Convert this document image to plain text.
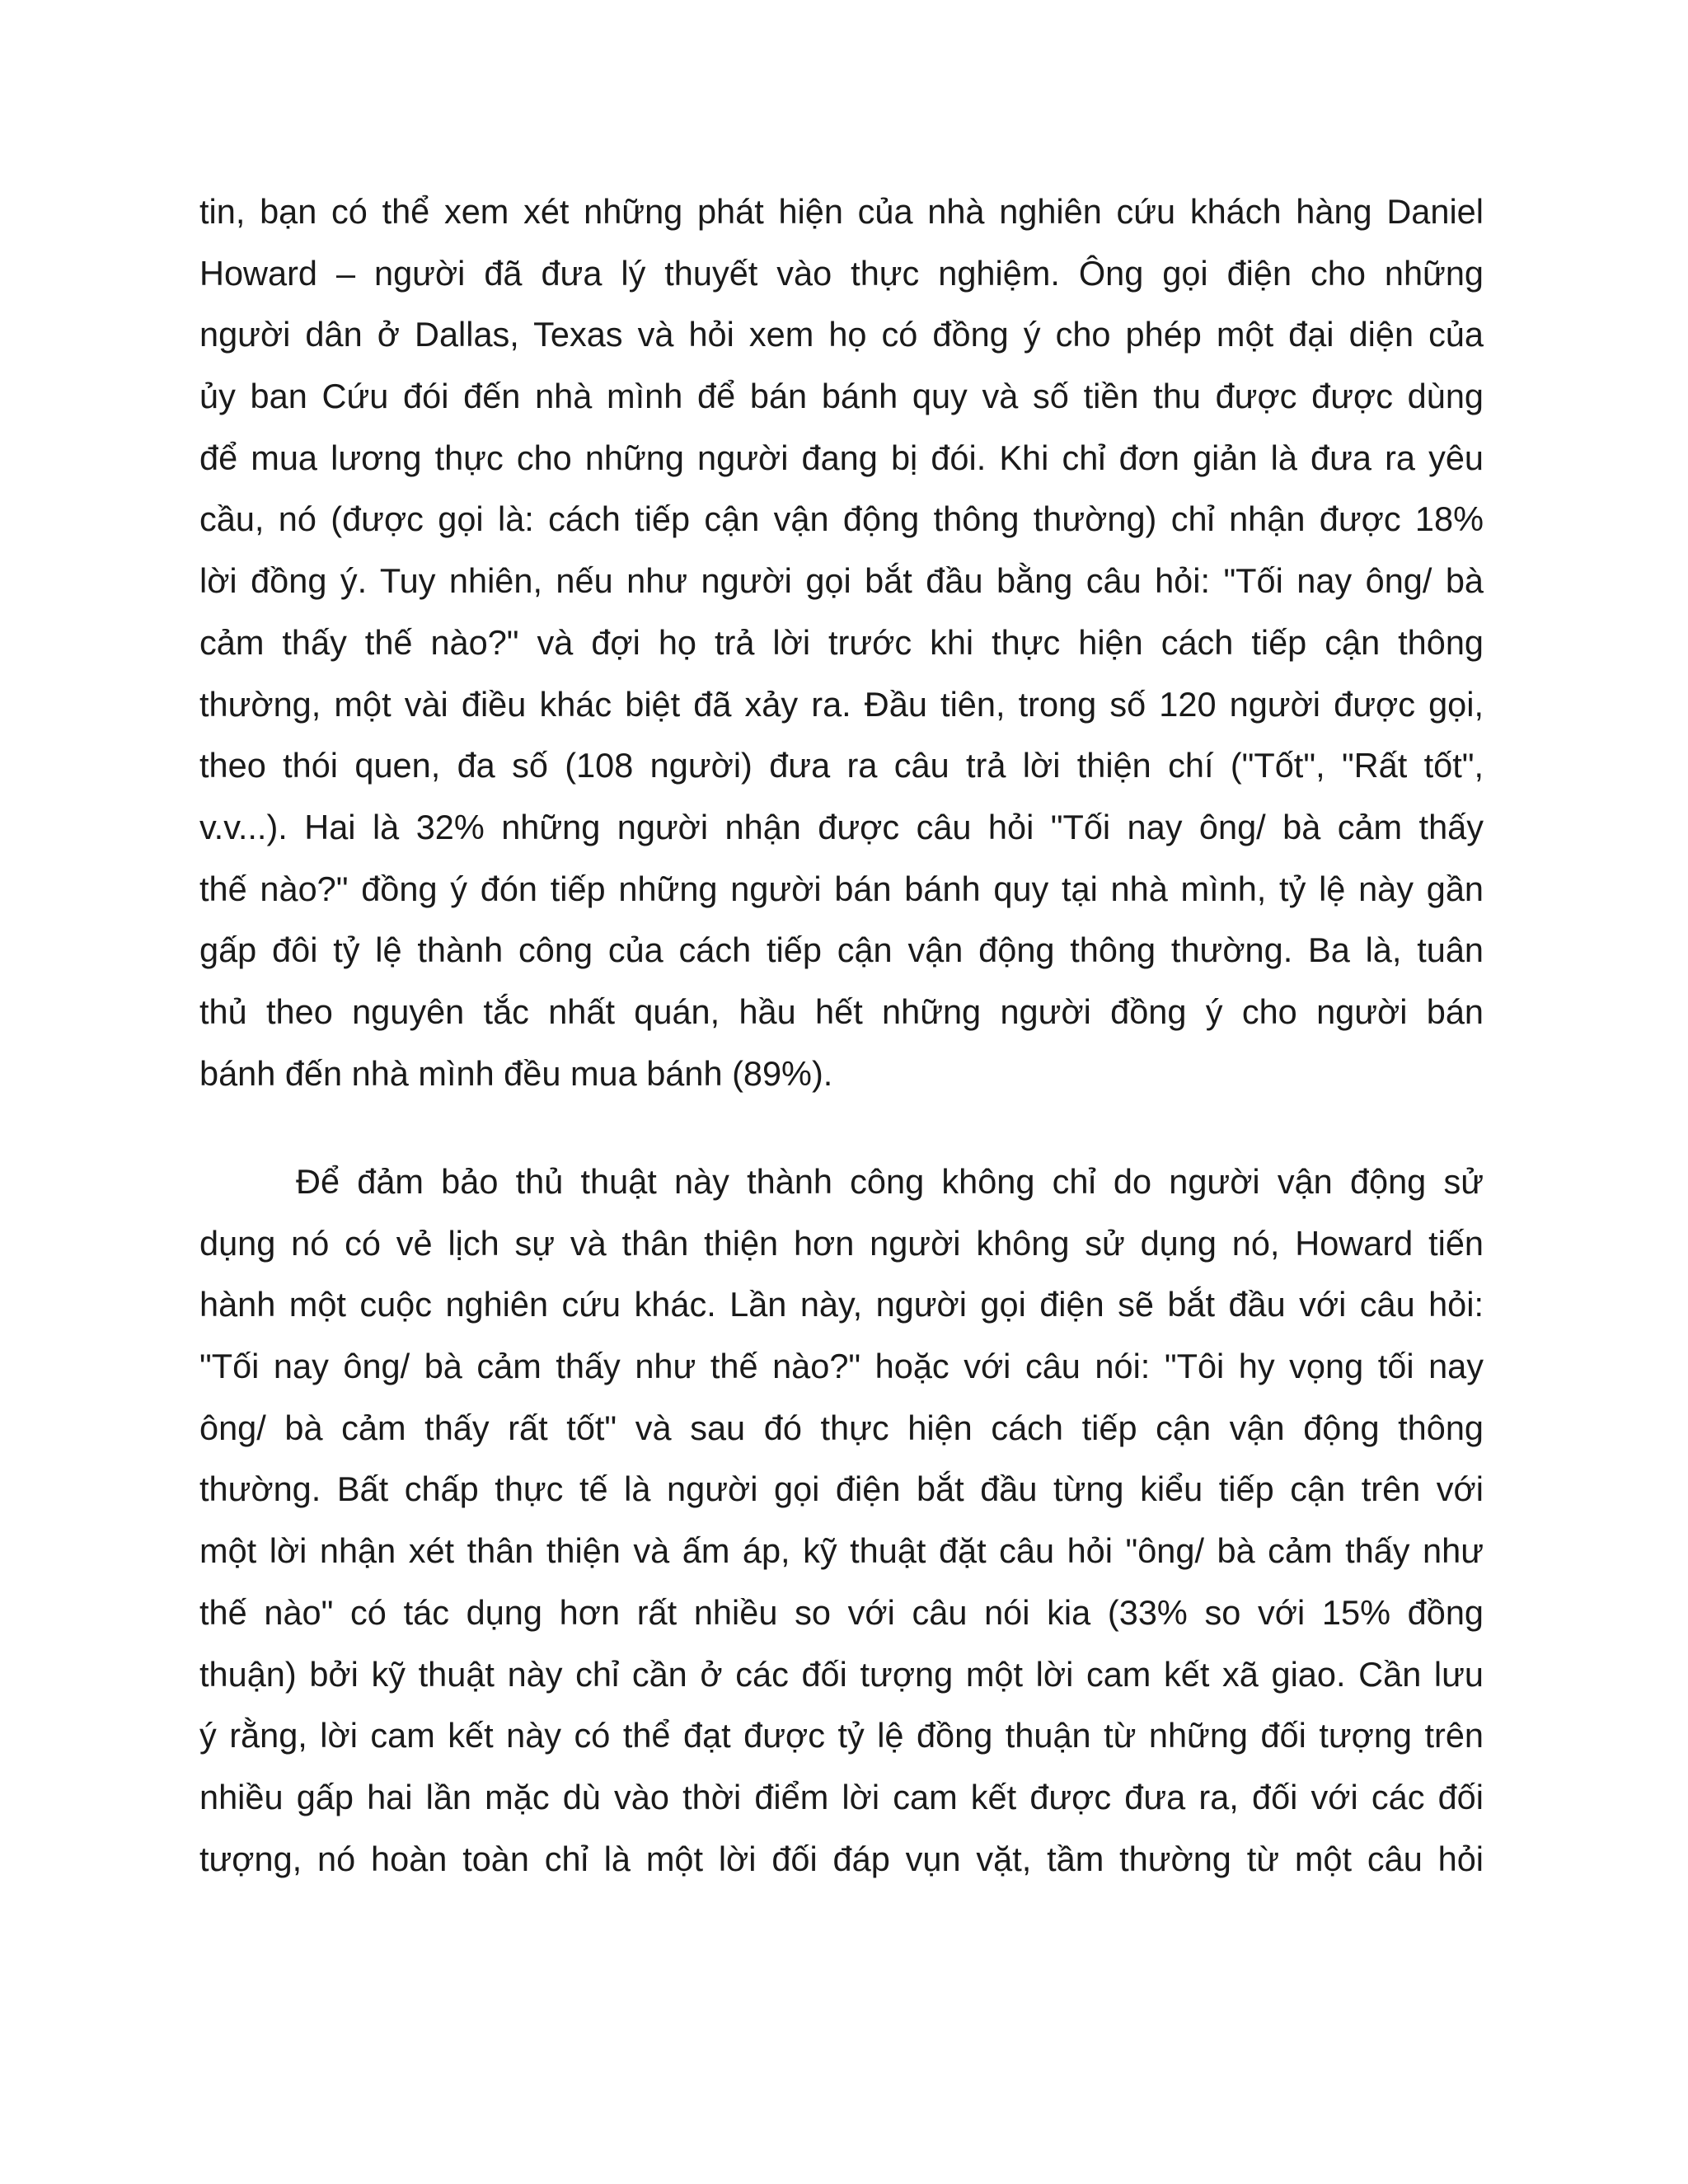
tin, bạn có thể xem xét những phát hiện của nhà nghiên cứu khách hàng Daniel
Howard – người đã đưa lý thuyết vào thực nghiệm. Ông gọi điện cho những
người dân ở Dallas, Texas và hỏi xem họ có đồng ý cho phép một đại diện của
ủy ban Cứu đói đến nhà mình để bán bánh quy và số tiền thu được được dùng
để mua lương thực cho những người đang bị đói. Khi chỉ đơn giản là đưa ra yêu
cầu, nó (được gọi là: cách tiếp cận vận động thông thường) chỉ nhận được 18%
lời đồng ý. Tuy nhiên, nếu như người gọi bắt đầu bằng câu hỏi: "Tối nay ông/ bà
cảm thấy thế nào?" và đợi họ trả lời trước khi thực hiện cách tiếp cận thông
thường, một vài điều khác biệt đã xảy ra. Đầu tiên, trong số 120 người được gọi,
theo thói quen, đa số (108 người) đưa ra câu trả lời thiện chí ("Tốt", "Rất tốt",
v.v...). Hai là 32% những người nhận được câu hỏi "Tối nay ông/ bà cảm thấy
thế nào?" đồng ý đón tiếp những người bán bánh quy tại nhà mình, tỷ lệ này gần
gấp đôi tỷ lệ thành công của cách tiếp cận vận động thông thường. Ba là, tuân
thủ theo nguyên tắc nhất quán, hầu hết những người đồng ý cho người bán
bánh đến nhà mình đều mua bánh (89%).
Để đảm bảo thủ thuật này thành công không chỉ do người vận động sử
dụng nó có vẻ lịch sự và thân thiện hơn người không sử dụng nó, Howard tiến
hành một cuộc nghiên cứu khác. Lần này, người gọi điện sẽ bắt đầu với câu hỏi:
"Tối nay ông/ bà cảm thấy như thế nào?" hoặc với câu nói: "Tôi hy vọng tối nay
ông/ bà cảm thấy rất tốt" và sau đó thực hiện cách tiếp cận vận động thông
thường. Bất chấp thực tế là người gọi điện bắt đầu từng kiểu tiếp cận trên với
một lời nhận xét thân thiện và ấm áp, kỹ thuật đặt câu hỏi "ông/ bà cảm thấy như
thế nào" có tác dụng hơn rất nhiều so với câu nói kia (33% so với 15% đồng
thuận) bởi kỹ thuật này chỉ cần ở các đối tượng một lời cam kết xã giao. Cần lưu
ý rằng, lời cam kết này có thể đạt được tỷ lệ đồng thuận từ những đối tượng trên
nhiều gấp hai lần mặc dù vào thời điểm lời cam kết được đưa ra, đối với các đối
tượng, nó hoàn toàn chỉ là một lời đối đáp vụn vặt, tầm thường từ một câu hỏi
